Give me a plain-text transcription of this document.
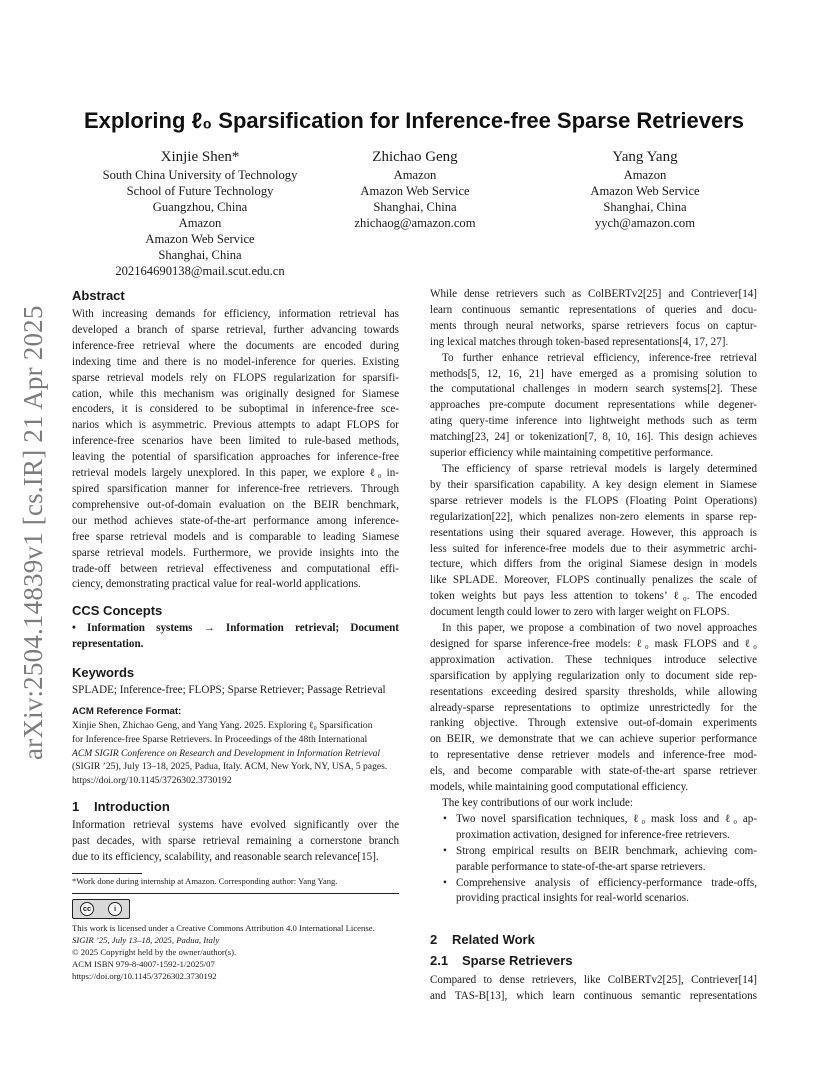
arXiv:2504.14839v1 [cs.IR] 21 Apr 2025
Exploring ℓ₀ Sparsification for Inference-free Sparse Retrievers
Xinjie Shen*
South China University of Technology
School of Future Technology
Guangzhou, China
Amazon
Amazon Web Service
Shanghai, China
202164690138@mail.scut.edu.cn
Zhichao Geng
Amazon
Amazon Web Service
Shanghai, China
zhichaog@amazon.com
Yang Yang
Amazon
Amazon Web Service
Shanghai, China
yych@amazon.com

Abstract

With increasing demands for efficiency, information retrieval has

developed a branch of sparse retrieval, further advancing towards

inference-free retrieval where the documents are encoded during

indexing time and there is no model-inference for queries. Existing

sparse retrieval models rely on FLOPS regularization for sparsifi-

cation, while this mechanism was originally designed for Siamese

encoders, it is considered to be suboptimal in inference-free sce-

narios which is asymmetric. Previous attempts to adapt FLOPS for

inference-free scenarios have been limited to rule-based methods,

leaving the potential of sparsification approaches for inference-free

retrieval models largely unexplored. In this paper, we explore ℓ₀ in-

spired sparsification manner for inference-free retrievers. Through

comprehensive out-of-domain evaluation on the BEIR benchmark,

our method achieves state-of-the-art performance among inference-

free sparse retrieval models and is comparable to leading Siamese

sparse retrieval models. Furthermore, we provide insights into the

trade-off between retrieval effectiveness and computational effi-

ciency, demonstrating practical value for real-world applications.

CCS Concepts

• Information systems → Information retrieval; Document

representation.

Keywords

SPLADE; Inference-free; FLOPS; Sparse Retriever; Passage Retrieval

ACM Reference Format:

Xinjie Shen, Zhichao Geng, and Yang Yang. 2025. Exploring ℓ₀ Sparsification
for Inference-free Sparse Retrievers. In Proceedings of the 48th International
ACM SIGIR Conference on Research and Development in Information Retrieval
(SIGIR ’25), July 13–18, 2025, Padua, Italy. ACM, New York, NY, USA, 5 pages.
https://doi.org/10.1145/3726302.3730192

1 Introduction

Information retrieval systems have evolved significantly over the

past decades, with sparse retrieval remaining a cornerstone branch

due to its efficiency, scalability, and reasonable search relevance[15].

*Work done during internship at Amazon. Corresponding author: Yang Yang.
cc	i
This work is licensed under a Creative Commons Attribution 4.0 International License.
SIGIR ’25, July 13–18, 2025, Padua, Italy
© 2025 Copyright held by the owner/author(s).
ACM ISBN 979-8-4007-1592-1/2025/07
https://doi.org/10.1145/3726302.3730192

While dense retrievers such as ColBERTv2[25] and Contriever[14]

learn continuous semantic representations of queries and docu-

ments through neural networks, sparse retrievers focus on captur-

ing lexical matches through token-based representations[4, 17, 27].

To further enhance retrieval efficiency, inference-free retrieval

methods[5, 12, 16, 21] have emerged as a promising solution to

the computational challenges in modern search systems[2]. These

approaches pre-compute document representations while degener-

ating query-time inference into lightweight methods such as term

matching[23, 24] or tokenization[7, 8, 10, 16]. This design achieves

superior efficiency while maintaining competitive performance.

The efficiency of sparse retrieval models is largely determined

by their sparsification capability. A key design element in Siamese

sparse retriever models is the FLOPS (Floating Point Operations)

regularization[22], which penalizes non-zero elements in sparse rep-

resentations using their squared average. However, this approach is

less suited for inference-free models due to their asymmetric archi-

tecture, which differs from the original Siamese design in models

like SPLADE. Moreover, FLOPS continually penalizes the scale of

token weights but pays less attention to tokens’ ℓ₀. The encoded

document length could lower to zero with larger weight on FLOPS.

In this paper, we propose a combination of two novel approaches

designed for sparse inference-free models: ℓ₀ mask FLOPS and ℓ₀

approximation activation. These techniques introduce selective

sparsification by applying regularization only to document side rep-

resentations exceeding desired sparsity thresholds, while allowing

already-sparse representations to optimize unrestrictedly for the

ranking objective. Through extensive out-of-domain experiments

on BEIR, we demonstrate that we can achieve superior performance

to representative dense retriever models and inference-free mod-

els, and become comparable with state-of-the-art sparse retriever

models, while maintaining good computational efficiency.

The key contributions of our work include:

• Two novel sparsification techniques, ℓ₀ mask loss and ℓ₀ ap-

proximation activation, designed for inference-free retrievers.

• Strong empirical results on BEIR benchmark, achieving com-

parable performance to state-of-the-art sparse retrievers.

• Comprehensive analysis of efficiency-performance trade-offs,

providing practical insights for real-world scenarios.

2 Related Work

2.1 Sparse Retrievers

Compared to dense retrievers, like ColBERTv2[25], Contriever[14]

and TAS-B[13], which learn continuous semantic representations
